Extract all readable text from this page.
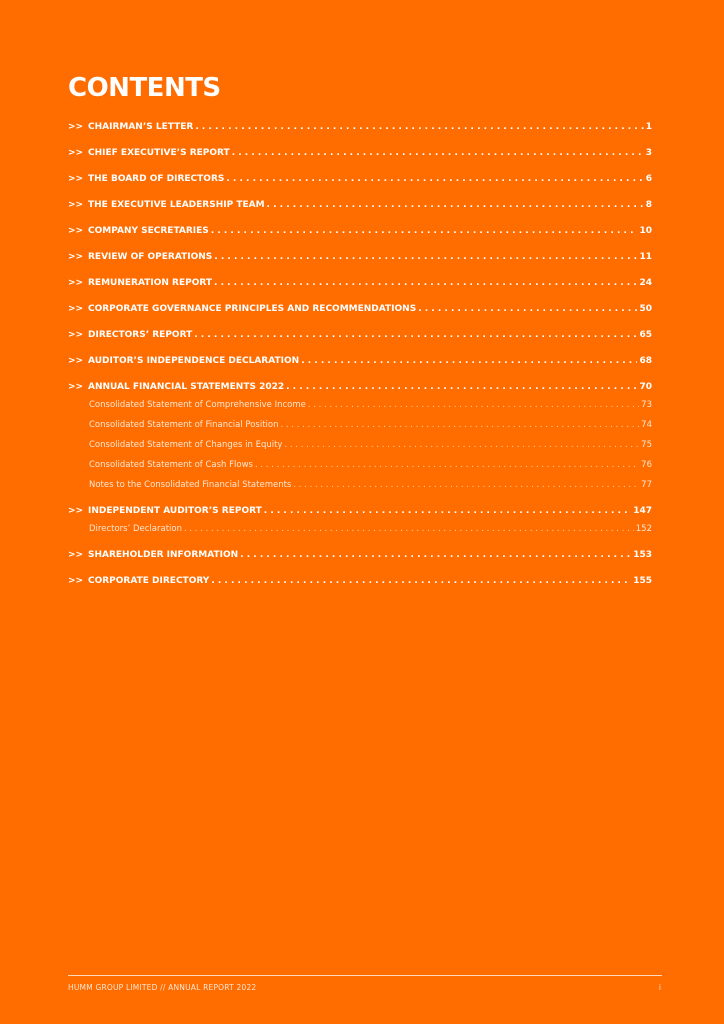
CONTENTS
>> CHAIRMAN’S LETTER . . .	1
>> CHIEF EXECUTIVE’S REPORT . . .	3
>> THE BOARD OF DIRECTORS . . .	6
>> THE EXECUTIVE LEADERSHIP TEAM . . .	8
>> COMPANY SECRETARIES . . .	10
>> REVIEW OF OPERATIONS . . .	11
>> REMUNERATION REPORT . . .	24
>> CORPORATE GOVERNANCE PRINCIPLES AND RECOMMENDATIONS . . .	50
>> DIRECTORS’ REPORT . . .	65
>> AUDITOR’S INDEPENDENCE DECLARATION . . .	68
>> ANNUAL FINANCIAL STATEMENTS 2022 . . .	70
Consolidated Statement of Comprehensive Income . . .	73
Consolidated Statement of Financial Position . . .	74
Consolidated Statement of Changes in Equity . . .	75
Consolidated Statement of Cash Flows . . .	76
Notes to the Consolidated Financial Statements . . .	77
>> INDEPENDENT AUDITOR’S REPORT . . .	147
Directors’ Declaration . . .	152
>> SHAREHOLDER INFORMATION . . .	153
>> CORPORATE DIRECTORY . . .	155
HUMM GROUP LIMITED // ANNUAL REPORT 2022	i
